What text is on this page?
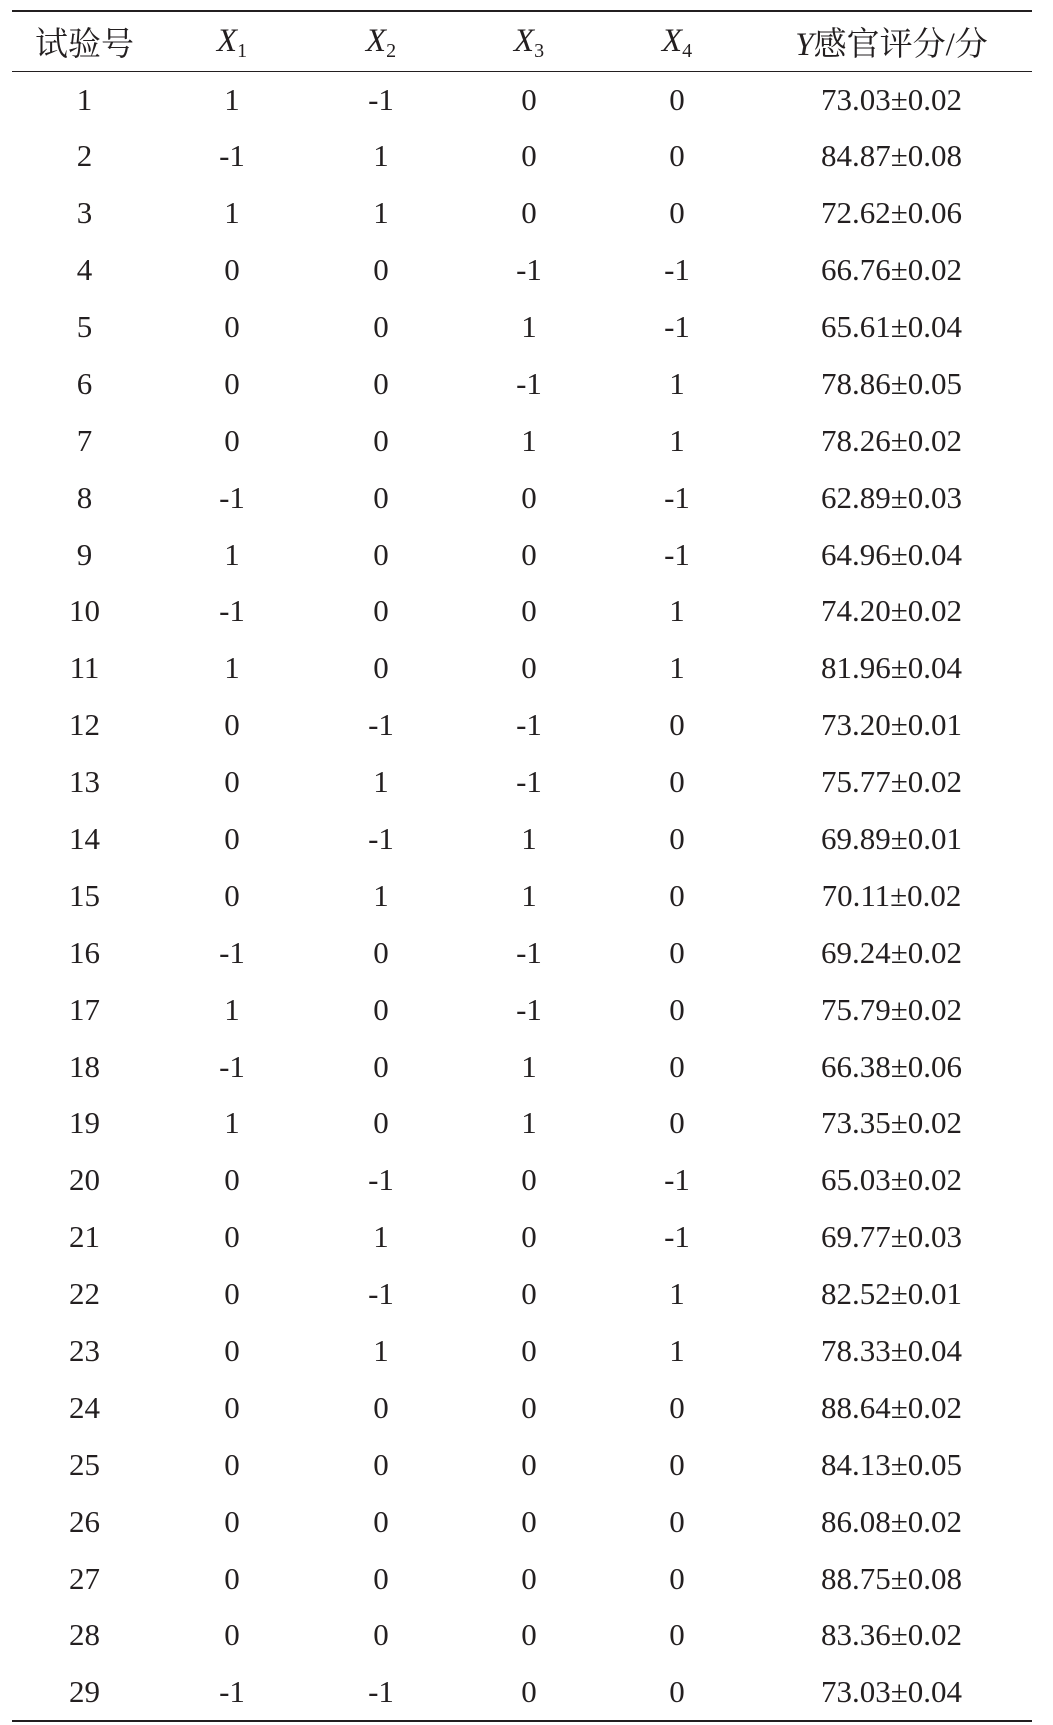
试验号	$X_1$	$X_2$	$X_3$	$X_4$	Y感官评分/分
1	1	-1	0	0	73.03±0.02
2	-1	1	0	0	84.87±0.08
3	1	1	0	0	72.62±0.06
4	0	0	-1	-1	66.76±0.02
5	0	0	1	-1	65.61±0.04
6	0	0	-1	1	78.86±0.05
7	0	0	1	1	78.26±0.02
8	-1	0	0	-1	62.89±0.03
9	1	0	0	-1	64.96±0.04
10	-1	0	0	1	74.20±0.02
11	1	0	0	1	81.96±0.04
12	0	-1	-1	0	73.20±0.01
13	0	1	-1	0	75.77±0.02
14	0	-1	1	0	69.89±0.01
15	0	1	1	0	70.11±0.02
16	-1	0	-1	0	69.24±0.02
17	1	0	-1	0	75.79±0.02
18	-1	0	1	0	66.38±0.06
19	1	0	1	0	73.35±0.02
20	0	-1	0	-1	65.03±0.02
21	0	1	0	-1	69.77±0.03
22	0	-1	0	1	82.52±0.01
23	0	1	0	1	78.33±0.04
24	0	0	0	0	88.64±0.02
25	0	0	0	0	84.13±0.05
26	0	0	0	0	86.08±0.02
27	0	0	0	0	88.75±0.08
28	0	0	0	0	83.36±0.02
29	-1	-1	0	0	73.03±0.04
